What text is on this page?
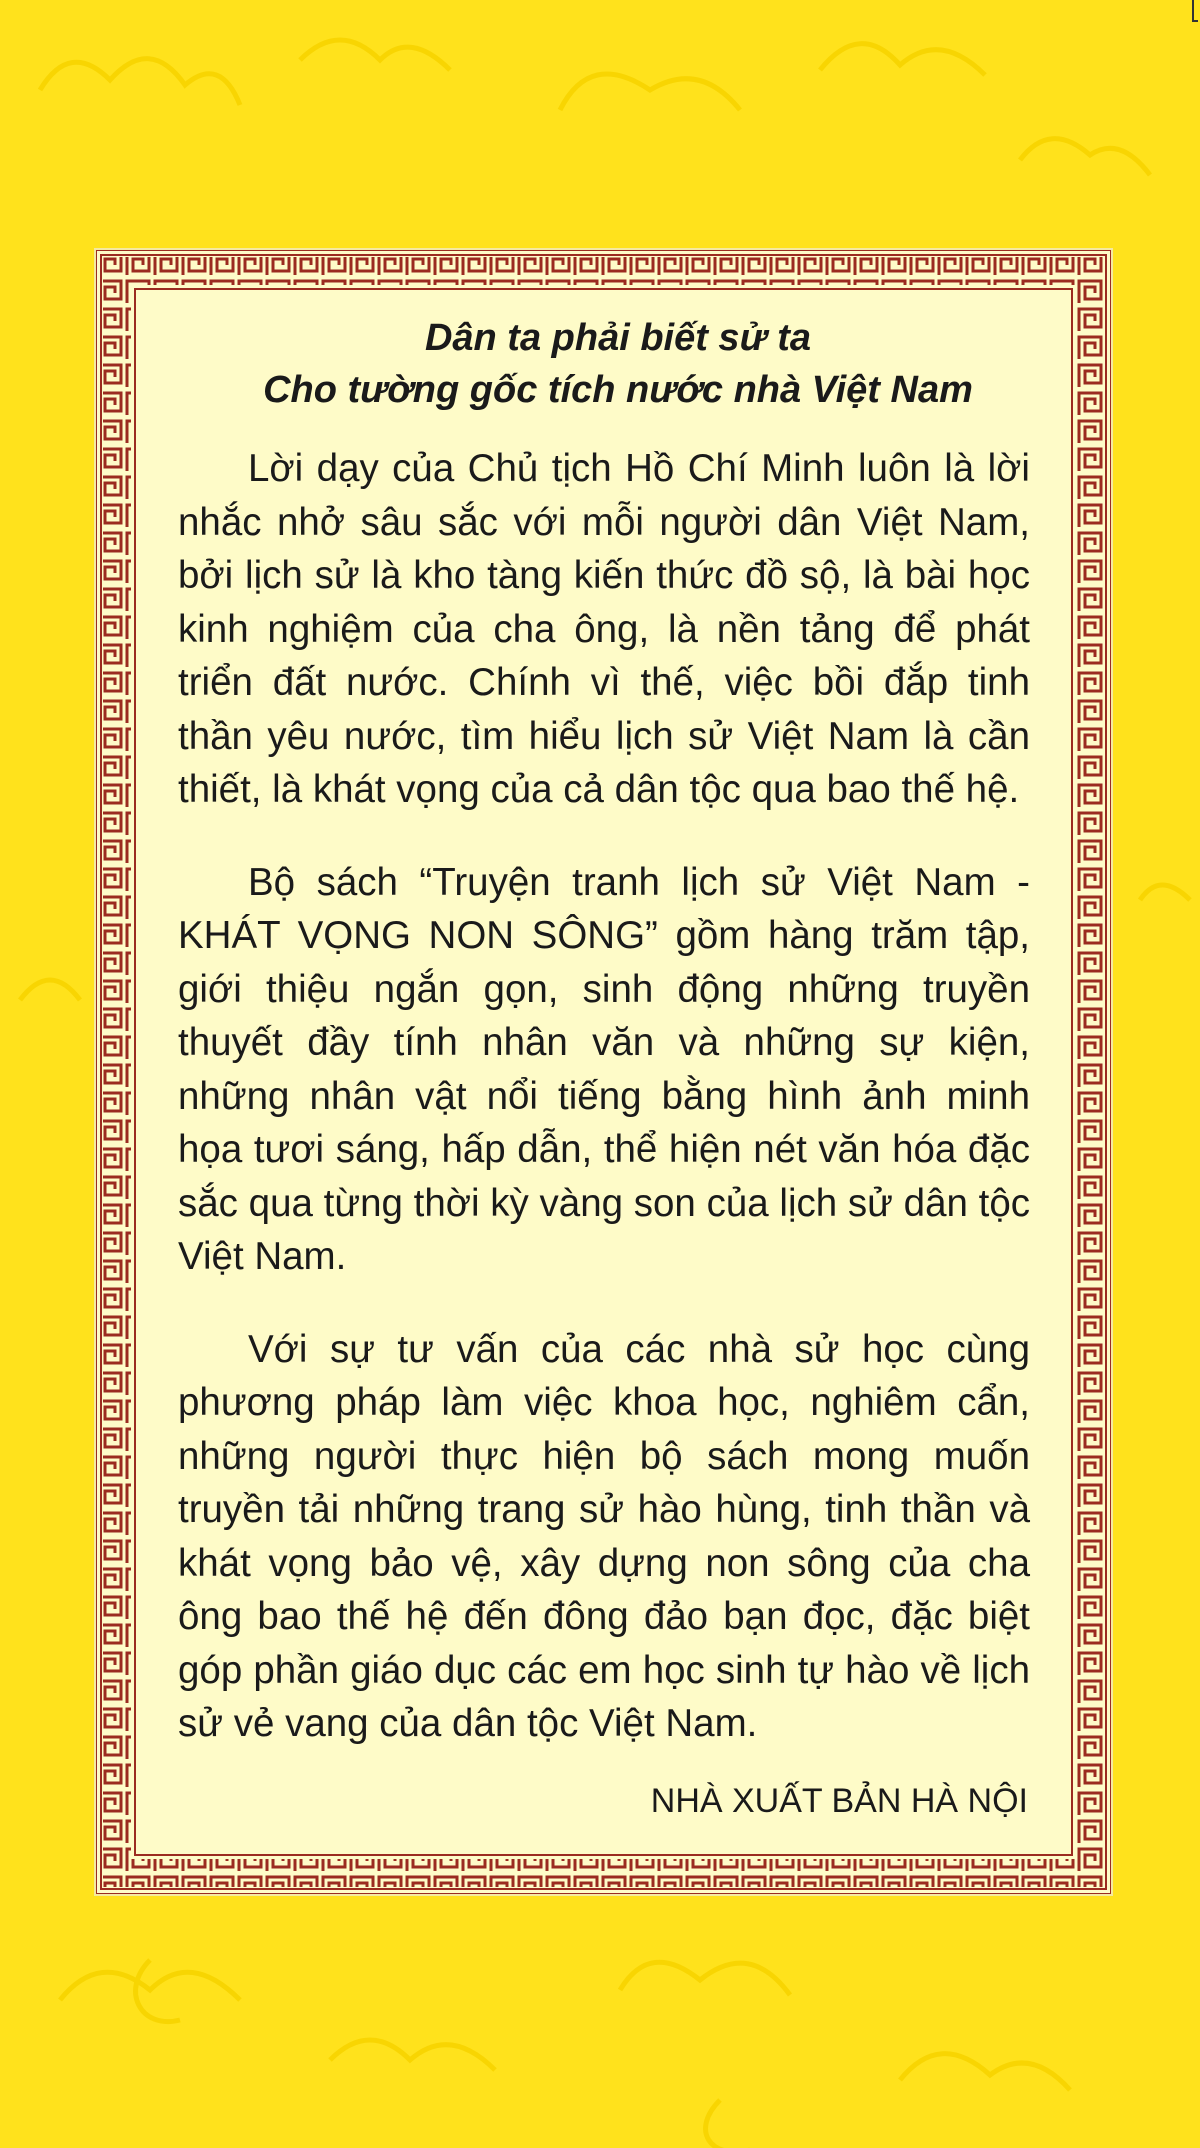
Dân ta phải biết sử ta

Cho tường gốc tích nước nhà Việt Nam

Lời dạy của Chủ tịch Hồ Chí Minh luôn là lời nhắc nhở sâu sắc với mỗi người dân Việt Nam, bởi lịch sử là kho tàng kiến thức đồ sộ, là bài học kinh nghiệm của cha ông, là nền tảng để phát triển đất nước. Chính vì thế, việc bồi đắp tinh thần yêu nước, tìm hiểu lịch sử Việt Nam là cần thiết, là khát vọng của cả dân tộc qua bao thế hệ.

Bộ sách “Truyện tranh lịch sử Việt Nam - KHÁT VỌNG NON SÔNG” gồm hàng trăm tập, giới thiệu ngắn gọn, sinh động những truyền thuyết đầy tính nhân văn và những sự kiện, những nhân vật nổi tiếng bằng hình ảnh minh họa tươi sáng, hấp dẫn, thể hiện nét văn hóa đặc sắc qua từng thời kỳ vàng son của lịch sử dân tộc Việt Nam.

Với sự tư vấn của các nhà sử học cùng phương pháp làm việc khoa học, nghiêm cẩn, những người thực hiện bộ sách mong muốn truyền tải những trang sử hào hùng, tinh thần và khát vọng bảo vệ, xây dựng non sông của cha ông bao thế hệ đến đông đảo bạn đọc, đặc biệt góp phần giáo dục các em học sinh tự hào về lịch sử vẻ vang của dân tộc Việt Nam.

NHÀ XUẤT BẢN HÀ NỘI
